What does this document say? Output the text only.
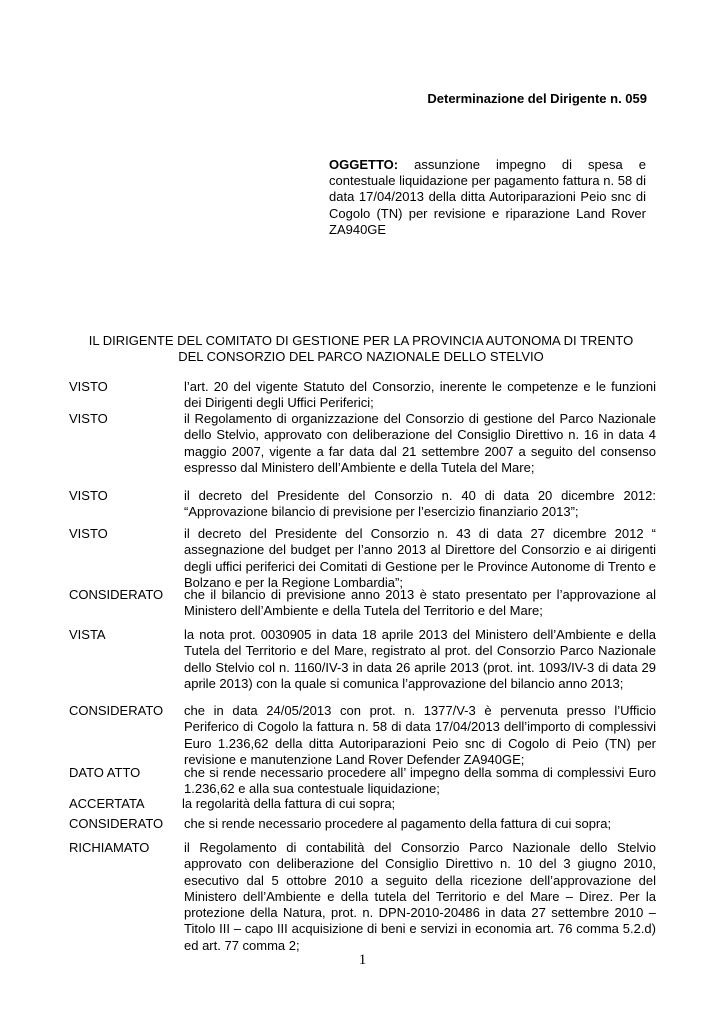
Determinazione del Dirigente n. 059
OGGETTO: assunzione impegno di spesa e contestuale liquidazione per pagamento fattura n. 58 di data 17/04/2013 della ditta Autoriparazioni Peio snc di Cogolo (TN) per revisione e riparazione Land Rover ZA940GE
IL DIRIGENTE DEL COMITATO DI GESTIONE PER LA PROVINCIA AUTONOMA DI TRENTO
DEL CONSORZIO DEL PARCO NAZIONALE DELLO STELVIO
VISTO	l’art. 20 del vigente Statuto del Consorzio, inerente le competenze e le funzioni dei Dirigenti degli Uffici Periferici;
VISTO	il Regolamento di organizzazione del Consorzio di gestione del Parco Nazionale dello Stelvio, approvato con deliberazione del Consiglio Direttivo n. 16 in data 4 maggio 2007, vigente a far data dal 21 settembre 2007 a seguito del consenso espresso dal Ministero dell’Ambiente e della Tutela del Mare;
VISTO	il decreto del Presidente del Consorzio n. 40 di data 20 dicembre 2012: “Approvazione bilancio di previsione per l’esercizio finanziario 2013”;
VISTO	il decreto del Presidente del Consorzio n. 43 di data 27 dicembre 2012 “ assegnazione del budget per l’anno 2013 al Direttore del Consorzio e ai dirigenti degli uffici periferici dei Comitati di Gestione per le Province Autonome di Trento e Bolzano e per la Regione Lombardia”;
CONSIDERATO che il bilancio di previsione anno 2013 è stato presentato per l’approvazione al Ministero dell’Ambiente e della Tutela del Territorio e del Mare;
VISTA	la nota prot. 0030905 in data 18 aprile 2013 del Ministero dell’Ambiente e della Tutela del Territorio e del Mare, registrato al prot. del Consorzio Parco Nazionale dello Stelvio col n. 1160/IV-3 in data 26 aprile 2013 (prot. int. 1093/IV-3 di data 29 aprile 2013) con la quale si comunica l’approvazione del bilancio anno 2013;
CONSIDERATO che in data 24/05/2013 con prot. n. 1377/V-3 è pervenuta presso l’Ufficio Periferico di Cogolo la fattura n. 58 di data 17/04/2013 dell’importo di complessivi Euro 1.236,62 della ditta Autoriparazioni Peio snc di Cogolo di Peio (TN) per revisione e manutenzione Land Rover Defender ZA940GE;
DATO ATTO	che si rende necessario procedere all’ impegno della somma di complessivi Euro 1.236,62 e alla sua contestuale liquidazione;
ACCERTATA	la regolarità della fattura di cui sopra;
CONSIDERATO che si rende necessario procedere al pagamento della fattura di cui sopra;
RICHIAMATO	il Regolamento di contabilità del Consorzio Parco Nazionale dello Stelvio approvato con deliberazione del Consiglio Direttivo n. 10 del 3 giugno 2010, esecutivo dal 5 ottobre 2010 a seguito della ricezione dell’approvazione del Ministero dell’Ambiente e della tutela del Territorio e del Mare – Direz. Per la protezione della Natura, prot. n. DPN-2010-20486 in data 27 settembre 2010 – Titolo III – capo III acquisizione di beni e servizi in economia art. 76 comma 5.2.d) ed art. 77 comma 2;
1
